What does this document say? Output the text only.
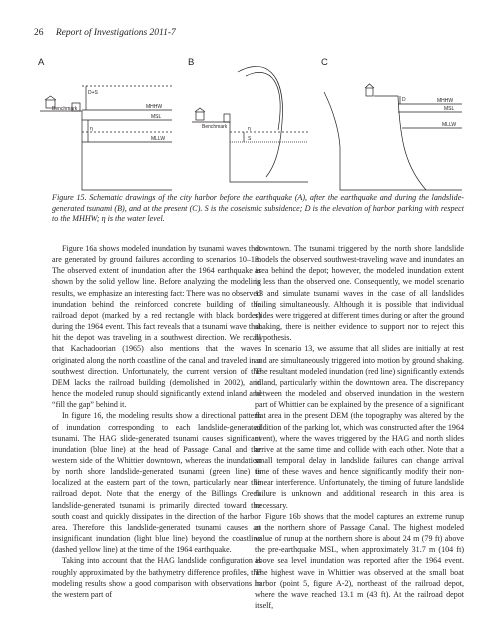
26 Report of Investigations 2011-7
A
D+S
Benchmark	MHHW
MSL
η
MLLW
B
Benchmark	η
S
C
D	MHHW
MSL
MLLW
Figure 15. Schematic drawings of the city harbor before the earthquake (A), after the earthquake and during the landslide-generated tsunami (B), and at the present (C). S is the coseismic subsidence; D is the elevation of harbor parking with respect to the MHHW; η is the water level.

Figure 16a shows modeled inundation by tsunami waves that are generated by ground failures according to scenarios 10–13. The observed extent of inundation after the 1964 earthquake is shown by the solid yellow line. Before analyzing the modeling results, we emphasize an interesting fact: There was no observed inundation behind the reinforced concrete building of the railroad depot (marked by a red rectangle with black border) during the 1964 event. This fact reveals that a tsunami wave that hit the depot was traveling in a southwest direction. We recall that Kachadoorian (1965) also mentions that the waves originated along the north coastline of the canal and traveled in a southwest direction. Unfortunately, the current version of the DEM lacks the railroad building (demolished in 2002), and hence the modeled runup should significantly extend inland and “fill the gap” behind it.

In figure 16, the modeling results show a directional pattern of inundation corresponding to each landslide-generated tsunami. The HAG slide-generated tsunami causes significant inundation (blue line) at the head of Passage Canal and the western side of the Whittier downtown, whereas the inundation by north shore landslide-generated tsunami (green line) is localized at the eastern part of the town, particularly near the railroad depot. Note that the energy of the Billings Creek landslide-generated tsunami is primarily directed toward the south coast and quickly dissipates in the direction of the harbor area. Therefore this landslide-generated tsunami causes an insignificant inundation (light blue line) beyond the coastline (dashed yellow line) at the time of the 1964 earthquake.

Taking into account that the HAG landslide configuration is roughly approximated by the bathymetry difference profiles, the modeling results show a good comparison with observations in the western part of

downtown. The tsunami triggered by the north shore landslide models the observed southwest-traveling wave and inundates an area behind the depot; however, the modeled inundation extent is less than the observed one. Consequently, we model scenario 13 and simulate tsunami waves in the case of all landslides failing simultaneously. Although it is possible that individual slides were triggered at different times during or after the ground shaking, there is neither evidence to support nor to reject this hypothesis.

In scenario 13, we assume that all slides are initially at rest and are simultaneously triggered into motion by ground shaking. The resultant modeled inundation (red line) significantly extends inland, particularly within the downtown area. The discrepancy between the modeled and observed inundation in the western part of Whittier can be explained by the presence of a significant flat area in the present DEM (the topography was altered by the addition of the parking lot, which was constructed after the 1964 event), where the waves triggered by the HAG and north slides arrive at the same time and collide with each other. Note that a small temporal delay in landslide failures can change arrival time of these waves and hence significantly modify their non-linear interference. Unfortunately, the timing of future landslide failure is unknown and additional research in this area is necessary.

Figure 16b shows that the model captures an extreme runup at the northern shore of Passage Canal. The highest modeled value of runup at the northern shore is about 24 m (79 ft) above the pre-earthquake MSL, when approximately 31.7 m (104 ft) above sea level inundation was reported after the 1964 event. The highest wave in Whittier was observed at the small boat harbor (point 5, figure A-2), northeast of the railroad depot, where the wave reached 13.1 m (43 ft). At the railroad depot itself,
